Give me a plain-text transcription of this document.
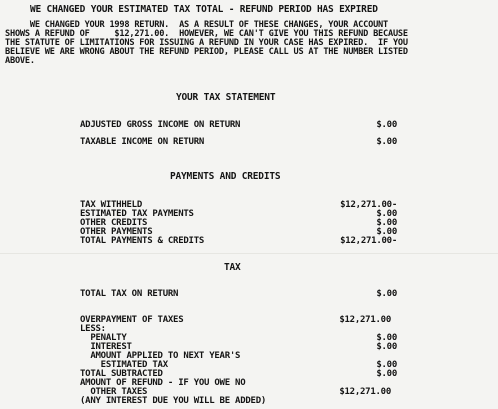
WE CHANGED YOUR ESTIMATED TAX TOTAL - REFUND PERIOD HAS EXPIRED
WE CHANGED YOUR 1998 RETURN.  AS A RESULT OF THESE CHANGES, YOUR ACCOUNT
SHOWS A REFUND OF     $12,271.00.  HOWEVER, WE CAN'T GIVE YOU THIS REFUND BECAUSE
THE STATUTE OF LIMITATIONS FOR ISSUING A REFUND IN YOUR CASE HAS EXPIRED.  IF YOU
BELIEVE WE ARE WRONG ABOUT THE REFUND PERIOD, PLEASE CALL US AT THE NUMBER LISTED
ABOVE.
YOUR TAX STATEMENT
ADJUSTED GROSS INCOME ON RETURN	$.00
TAXABLE INCOME ON RETURN	$.00
PAYMENTS AND CREDITS
TAX WITHHELD	$12,271.00-
ESTIMATED TAX PAYMENTS	$.00
OTHER CREDITS	$.00
OTHER PAYMENTS	$.00
TOTAL PAYMENTS & CREDITS	$12,271.00-
TAX
TOTAL TAX ON RETURN	$.00
OVERPAYMENT OF TAXES	$12,271.00
LESS:
PENALTY	$.00
INTEREST	$.00
AMOUNT APPLIED TO NEXT YEAR'S
ESTIMATED TAX	$.00
TOTAL SUBTRACTED	$.00
AMOUNT OF REFUND - IF YOU OWE NO
OTHER TAXES	$12,271.00
(ANY INTEREST DUE YOU WILL BE ADDED)
